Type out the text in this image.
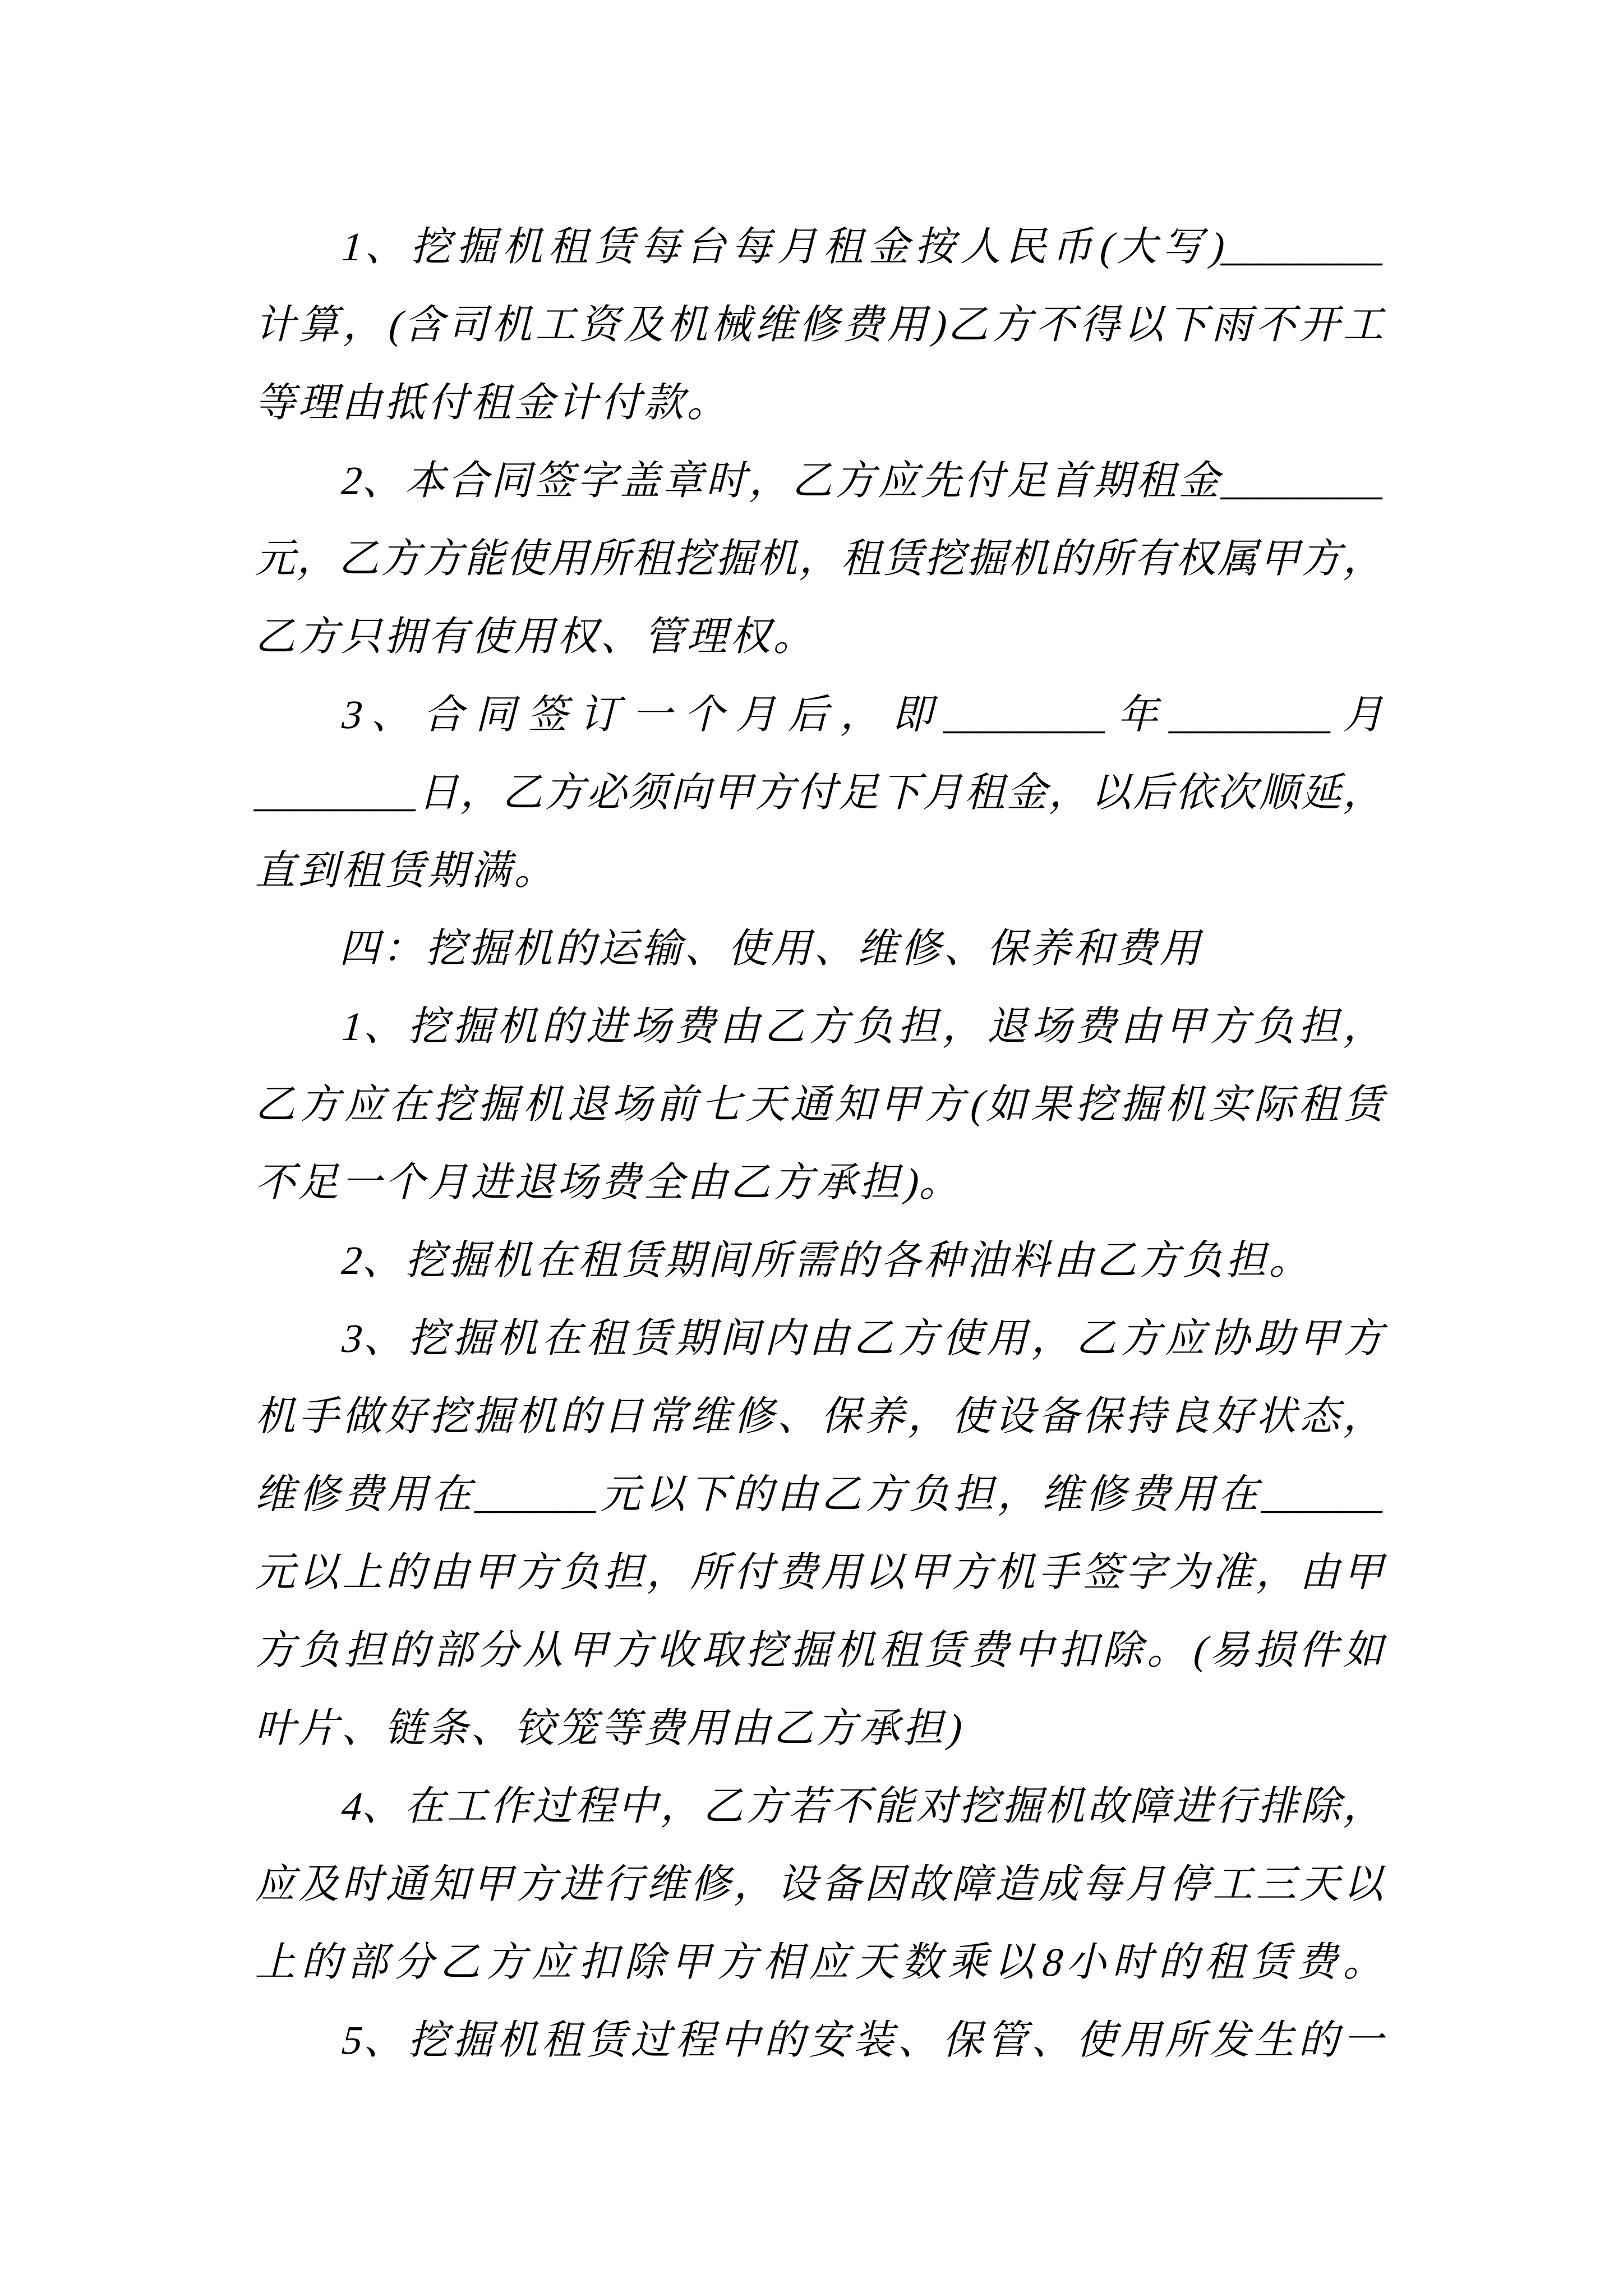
1、挖掘机租赁每台每月租金按人民币(大写)________
计算，(含司机工资及机械维修费用)乙方不得以下雨不开工
等理由抵付租金计付款。
2、本合同签字盖章时，乙方应先付足首期租金________
元，乙方方能使用所租挖掘机，租赁挖掘机的所有权属甲方，
乙方只拥有使用权、管理权。
3、合同签订一个月后，即________年________月
________日，乙方必须向甲方付足下月租金，以后依次顺延，
直到租赁期满。
四：挖掘机的运输、使用、维修、保养和费用
1、挖掘机的进场费由乙方负担，退场费由甲方负担，
乙方应在挖掘机退场前七天通知甲方(如果挖掘机实际租赁
不足一个月进退场费全由乙方承担)。
2、挖掘机在租赁期间所需的各种油料由乙方负担。
3、挖掘机在租赁期间内由乙方使用，乙方应协助甲方
机手做好挖掘机的日常维修、保养，使设备保持良好状态，
维修费用在______元以下的由乙方负担，维修费用在______
元以上的由甲方负担，所付费用以甲方机手签字为准，由甲
方负担的部分从甲方收取挖掘机租赁费中扣除。(易损件如
叶片、链条、铰笼等费用由乙方承担)
4、在工作过程中，乙方若不能对挖掘机故障进行排除，
应及时通知甲方进行维修，设备因故障造成每月停工三天以
上的部分乙方应扣除甲方相应天数乘以8小时的租赁费。
5、挖掘机租赁过程中的安装、保管、使用所发生的一
